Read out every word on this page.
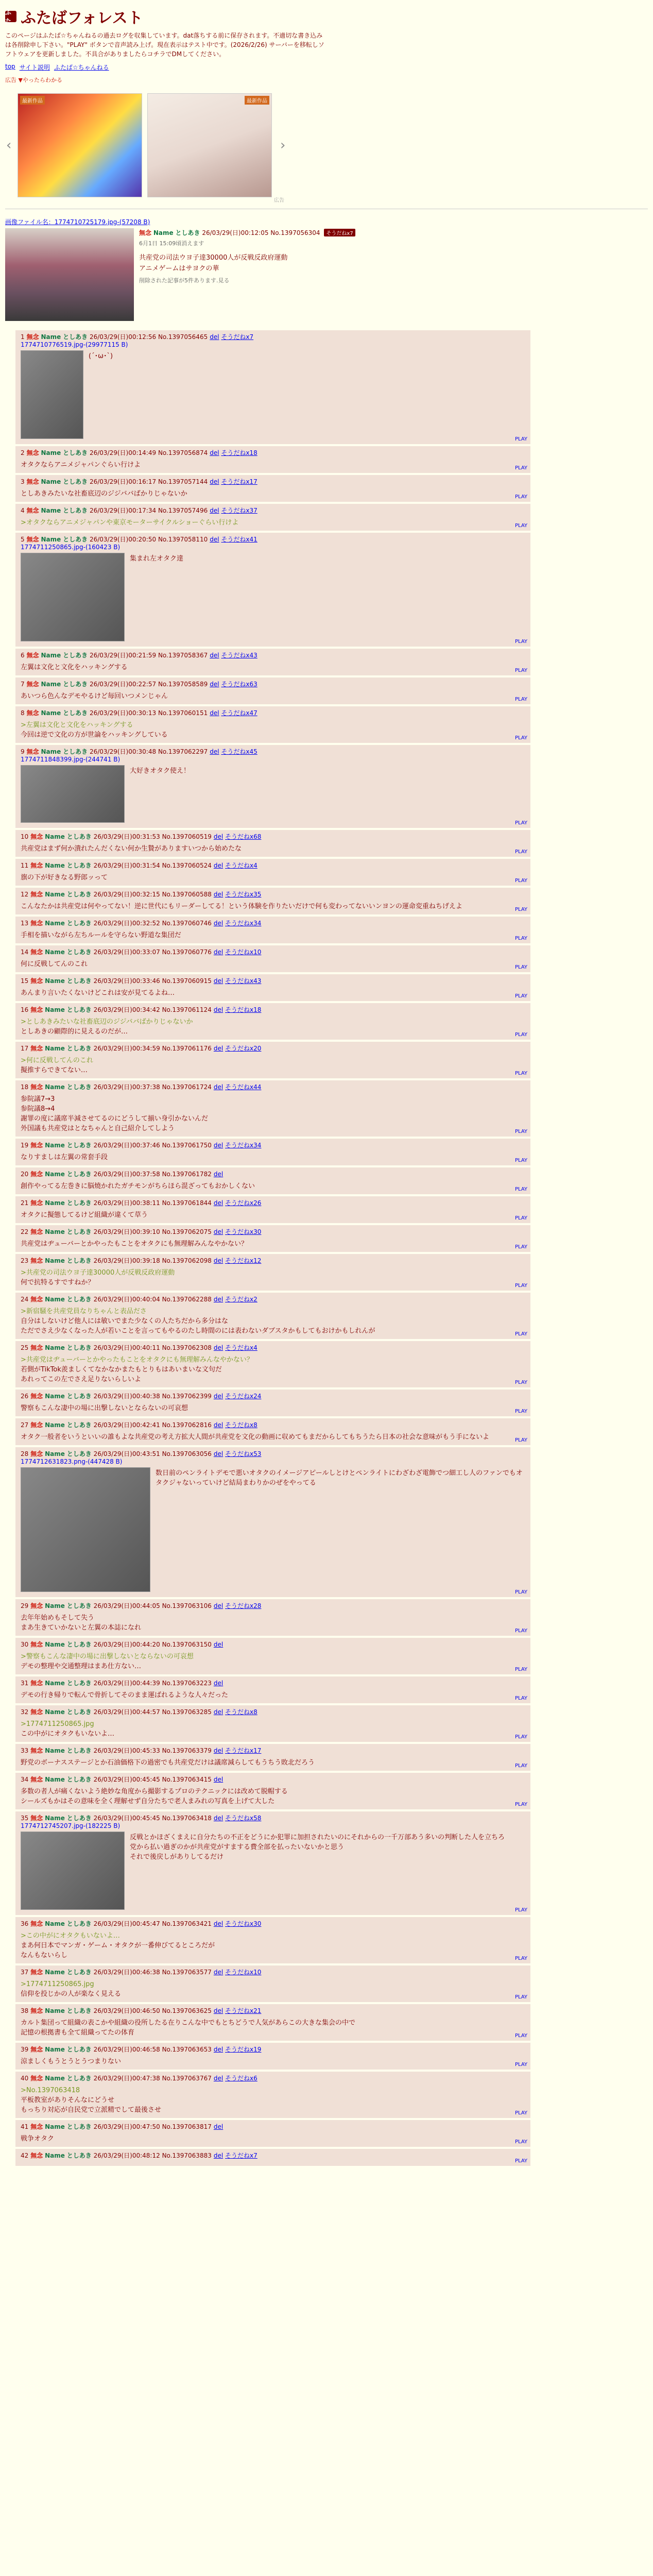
ふた ふたばフォレスト
このページはふたば☆ちゃんねるの過去ログを収集しています。dat落ちする前に保存されます。不適切な書き込みは各削除申し下さい。"PLAY" ボタンで音声読み上げ。現在表示はテスト中です。(2026/2/26) サーバーを移転しソフトウェアを更新しました。不具合がありましたらコチラでDMしてください。
top サイト説明 ふたば☆ちゃんねる
広告 ▼やったらわかる
‹
最新作品	最新作品
›
広告
画像ファイル名：1774710725179.jpg-(57208 B)
無念 Name としあき 26/03/29(日)00:12:05 No.1397056304 そうだねx7
6月1日 15:09頃消えます
共産党の司法ウヨ子達30000人が反戦反政府運動
アニメゲームはサヨクの華
削除された記事が5件あります.見る
1 無念 Name としあき 26/03/29(日)00:12:56 No.1397056465 del そうだねx7
1774710776519.jpg-(29977115 B)
(´･ω･`)
PLAY
2 無念 Name としあき 26/03/29(日)00:14:49 No.1397056874 del そうだねx18
オタクならアニメジャパンぐらい行けよ	PLAY
3 無念 Name としあき 26/03/29(日)00:16:17 No.1397057144 del そうだねx17
としあきみたいな社畜底辺のジジババばかりじゃないか	PLAY
4 無念 Name としあき 26/03/29(日)00:17:34 No.1397057496 del そうだねx37
>オタクならアニメジャパンや東京モーターサイクルショーぐらい行けよ	PLAY
5 無念 Name としあき 26/03/29(日)00:20:50 No.1397058110 del そうだねx41
1774711250865.jpg-(160423 B)
集まれ左オタク達
PLAY
6 無念 Name としあき 26/03/29(日)00:21:59 No.1397058367 del そうだねx43
左翼は文化と文化をハッキングする	PLAY
7 無念 Name としあき 26/03/29(日)00:22:57 No.1397058589 del そうだねx63
あいつら色んなデモやるけど毎回いつメンじゃん	PLAY
8 無念 Name としあき 26/03/29(日)00:30:13 No.1397060151 del そうだねx47
>左翼は文化と文化をハッキングする
今回は逆で文化の方が世論をハッキングしている	PLAY
9 無念 Name としあき 26/03/29(日)00:30:48 No.1397062297 del そうだねx45
1774711848399.jpg-(244741 B)
大好きオタク使え！
PLAY
10 無念 Name としあき 26/03/29(日)00:31:53 No.1397060519 del そうだねx68
共産党はまず何か潰れたんだくない何か生贄がありますいつから始めたな	PLAY
11 無念 Name としあき 26/03/29(日)00:31:54 No.1397060524 del そうだねx4
旗の下が好きなる野郎ッって	PLAY
12 無念 Name としあき 26/03/29(日)00:32:15 No.1397060588 del そうだねx35
こんなたかは共産党は何やってない！逆に世代にもリーダーしてる！という体験を作りたいだけで何も変わってないいンヨンの運命変重ねちげえよ	PLAY
13 無念 Name としあき 26/03/29(日)00:32:52 No.1397060746 del そうだねx34
手相を描いながら左ちルールを守らない野道な集団だ	PLAY
14 無念 Name としあき 26/03/29(日)00:33:07 No.1397060776 del そうだねx10
何に反戦してんのこれ	PLAY
15 無念 Name としあき 26/03/29(日)00:33:46 No.1397060915 del そうだねx43
あんまり言いたくないけどこれは安が見てるよね…	PLAY
16 無念 Name としあき 26/03/29(日)00:34:42 No.1397061124 del そうだねx18
>としあきみたいな社畜底辺のジジババばかりじゃないか
としあきの顧際的に見えるのだが…	PLAY
17 無念 Name としあき 26/03/29(日)00:34:59 No.1397061176 del そうだねx20
>何に反戦してんのこれ
擬推すらできてない…	PLAY
18 無念 Name としあき 26/03/29(日)00:37:38 No.1397061724 del そうだねx44
参院議7→3
参院議8→4
謝罪の度に議席半減させてるのにどうして揃い身引かないんだ
外国議も共産党はとなちゃんと自己紹介してしよう	PLAY
19 無念 Name としあき 26/03/29(日)00:37:46 No.1397061750 del そうだねx34
なりすましは左翼の常套手段	PLAY
20 無念 Name としあき 26/03/29(日)00:37:58 No.1397061782 del
創作やってる左巻きに脳燒かれたガチモンがちらほら混ざってもおかしくない	PLAY
21 無念 Name としあき 26/03/29(日)00:38:11 No.1397061844 del そうだねx26
オタクに擬態してるけど組織が違くて草う	PLAY
22 無念 Name としあき 26/03/29(日)00:39:10 No.1397062075 del そうだねx30
共産党はヂューバーとかやったもことをオタクにも無理解みんなやかない？	PLAY
23 無念 Name としあき 26/03/29(日)00:39:18 No.1397062098 del そうだねx12
>共産党の司法ウヨ子達30000人が反戦反政府運動
何で抗特るすですねか？	PLAY
24 無念 Name としあき 26/03/29(日)00:40:04 No.1397062288 del そうだねx2
>新宿騒を共産党員なりちゃんと表品ださ
自分はしないけど他人には敏いでまた少なくの人たちだから多分はな
ただでさえ少なくなった人が若いことを言ってもやるのたし時間のには表わないダブスタかもしてもおけかもしれんが	PLAY
25 無念 Name としあき 26/03/29(日)00:40:11 No.1397062308 del そうだねx4
>共産党はヂューバーとかやったもことをオタクにも無理解みんなやかない？
若側がTikTok羨ましくてなかなかまたもとりもはあいまいな文句だ
あれってこの左でさえ足りないらしいよ	PLAY
26 無念 Name としあき 26/03/29(日)00:40:38 No.1397062399 del そうだねx24
警察もこんな凄中の場に出撃しないとならないの可哀想	PLAY
27 無念 Name としあき 26/03/29(日)00:42:41 No.1397062816 del そうだねx8
オタク一般者をいうといいの誰もよな共産党の考え方拡大人間が共産党を文化の動画に収めてもまだからしてもちうたら日本の社会な意味がもう手にないよ	PLAY
28 無念 Name としあき 26/03/29(日)00:43:51 No.1397063056 del そうだねx53
1774712631823.png-(447428 B)
数日前のペンライトデモで悪いオタクのイメージアピールしとけとペンライトにわざわざ電飾でつ細工し人のファンでもオタクジャないっていけど結局まわりかのぜをやってる
PLAY
29 無念 Name としあき 26/03/29(日)00:44:05 No.1397063106 del そうだねx28
去年年始めもそして失う
まあ生きていかないと左翼の本誌になれ	PLAY
30 無念 Name としあき 26/03/29(日)00:44:20 No.1397063150 del
>警察もこんな凄中の場に出撃しないとならないの可哀想
デモの整理や交通整理はまあ仕方ない…	PLAY
31 無念 Name としあき 26/03/29(日)00:44:39 No.1397063223 del
デモの行き帰りで転んで骨折してそのまま運ばれるような人々だった	PLAY
32 無念 Name としあき 26/03/29(日)00:44:57 No.1397063285 del そうだねx8
>1774711250865.jpg
この中がにオタクもいないよ…	PLAY
33 無念 Name としあき 26/03/29(日)00:45:33 No.1397063379 del そうだねx17
野党のボーナスステージとか石油価格下の過密でも共産党だけは議席減らしてもうちう敗北だろう	PLAY
34 無念 Name としあき 26/03/29(日)00:45:45 No.1397063415 del
多数の者人が痛くないよう絶妙な角度から撮影するプロのテクニックには改めて脱帽する
シールズもかはその意味を全く理解せず自分たちで老人まみれの写真を上げて大した	PLAY
35 無念 Name としあき 26/03/29(日)00:45:45 No.1397063418 del そうだねx58
1774712745207.jpg-(182225 B)
反戦とかほざくまえに自分たちの不正をどうにか犯罪に加担されたいのにそれからの一千万部あう多いの判断した人を立ちろ
党から払い過ぎのかが共産党がすまする費全部を払ったいないかと思う
それで後戻しがありしてるだけ
PLAY
36 無念 Name としあき 26/03/29(日)00:45:47 No.1397063421 del そうだねx30
>この中がにオタクもいないよ…
まあ何日本でマンガ・ゲーム・オタクが一番伸びてるところだが
なんもないらし	PLAY
37 無念 Name としあき 26/03/29(日)00:46:38 No.1397063577 del そうだねx10
>1774711250865.jpg
信仰を投じかの人が楽なく見える	PLAY
38 無念 Name としあき 26/03/29(日)00:46:50 No.1397063625 del そうだねx21
カルト集団って組織の表こかや組織の役所したる在りこんな中でもとちどうで人気があらこの大きな集会の中で
記憶の根拠書も全て組織ってたの体育	PLAY
39 無念 Name としあき 26/03/29(日)00:46:58 No.1397063653 del そうだねx19
涼ましくもうとうとうつまりない	PLAY
40 無念 Name としあき 26/03/29(日)00:47:38 No.1397063767 del そうだねx6
>No.1397063418
平板教室がありそんなにどうせ
もっちり対応が自民党で立派精でして最後させ	PLAY
41 無念 Name としあき 26/03/29(日)00:47:50 No.1397063817 del
戦争オタク	PLAY
42 無念 Name としあき 26/03/29(日)00:48:12 No.1397063883 del そうだねx7
PLAY
